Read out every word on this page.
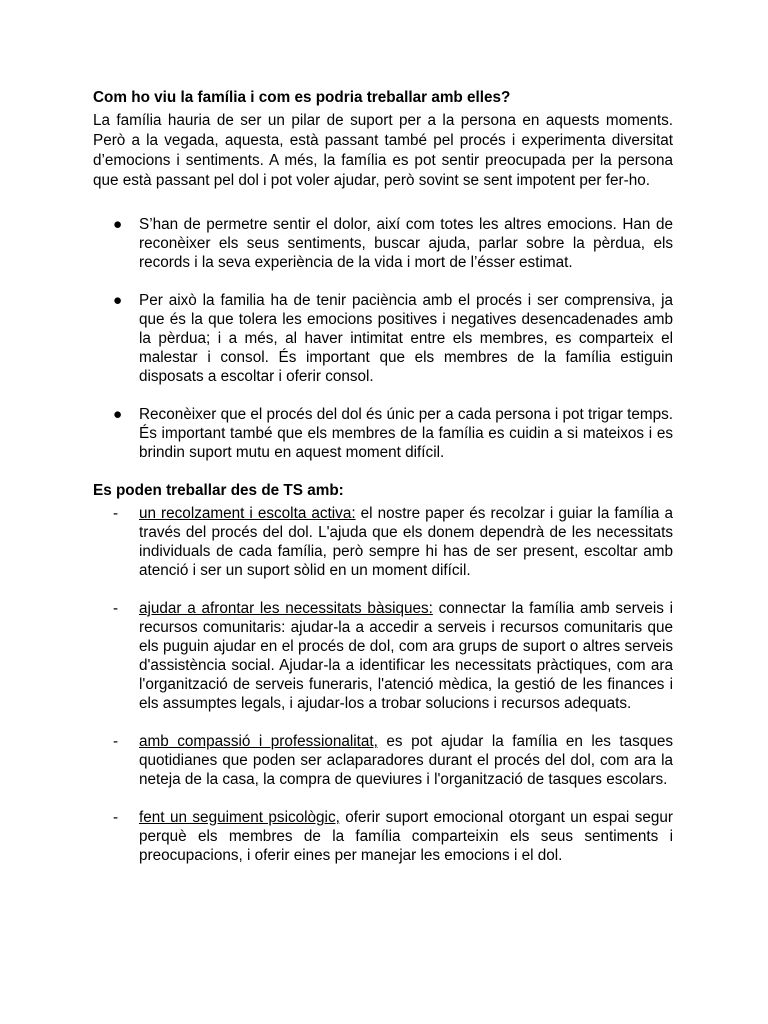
Com ho viu la família i com es podria treballar amb elles?

La família hauria de ser un pilar de suport per a la persona en aquests moments. Però a la vegada, aquesta, està passant també pel procés i experimenta diversitat d’emocions i sentiments. A més, la família es pot sentir preocupada per la persona que està passant pel dol i pot voler ajudar, però sovint se sent impotent per fer-ho.

● S’han de permetre sentir el dolor, així com totes les altres emocions. Han de reconèixer els seus sentiments, buscar ajuda, parlar sobre la pèrdua, els records i la seva experiència de la vida i mort de l’ésser estimat.
● Per això la familia ha de tenir paciència amb el procés i ser comprensiva, ja que és la que tolera les emocions positives i negatives desencadenades amb la pèrdua; i a més, al haver intimitat entre els membres, es comparteix el malestar i consol. És important que els membres de la família estiguin disposats a escoltar i oferir consol.
● Reconèixer que el procés del dol és únic per a cada persona i pot trigar temps. És important també que els membres de la família es cuidin a si mateixos i es brindin suport mutu en aquest moment difícil.

Es poden treballar des de TS amb:

- un recolzament i escolta activa: el nostre paper és recolzar i guiar la família a través del procés del dol. L'ajuda que els donem dependrà de les necessitats individuals de cada família, però sempre hi has de ser present, escoltar amb atenció i ser un suport sòlid en un moment difícil.
- ajudar a afrontar les necessitats bàsiques: connectar la família amb serveis i recursos comunitaris: ajudar-la a accedir a serveis i recursos comunitaris que els puguin ajudar en el procés de dol, com ara grups de suport o altres serveis d'assistència social. Ajudar-la a identificar les necessitats pràctiques, com ara l'organització de serveis funeraris, l'atenció mèdica, la gestió de les finances i els assumptes legals, i ajudar-los a trobar solucions i recursos adequats.
- amb compassió i professionalitat, es pot ajudar la família en les tasques quotidianes que poden ser aclaparadores durant el procés del dol, com ara la neteja de la casa, la compra de queviures i l'organització de tasques escolars.
- fent un seguiment psicològic, oferir suport emocional otorgant un espai segur perquè els membres de la família comparteixin els seus sentiments i preocupacions, i oferir eines per manejar les emocions i el dol.
